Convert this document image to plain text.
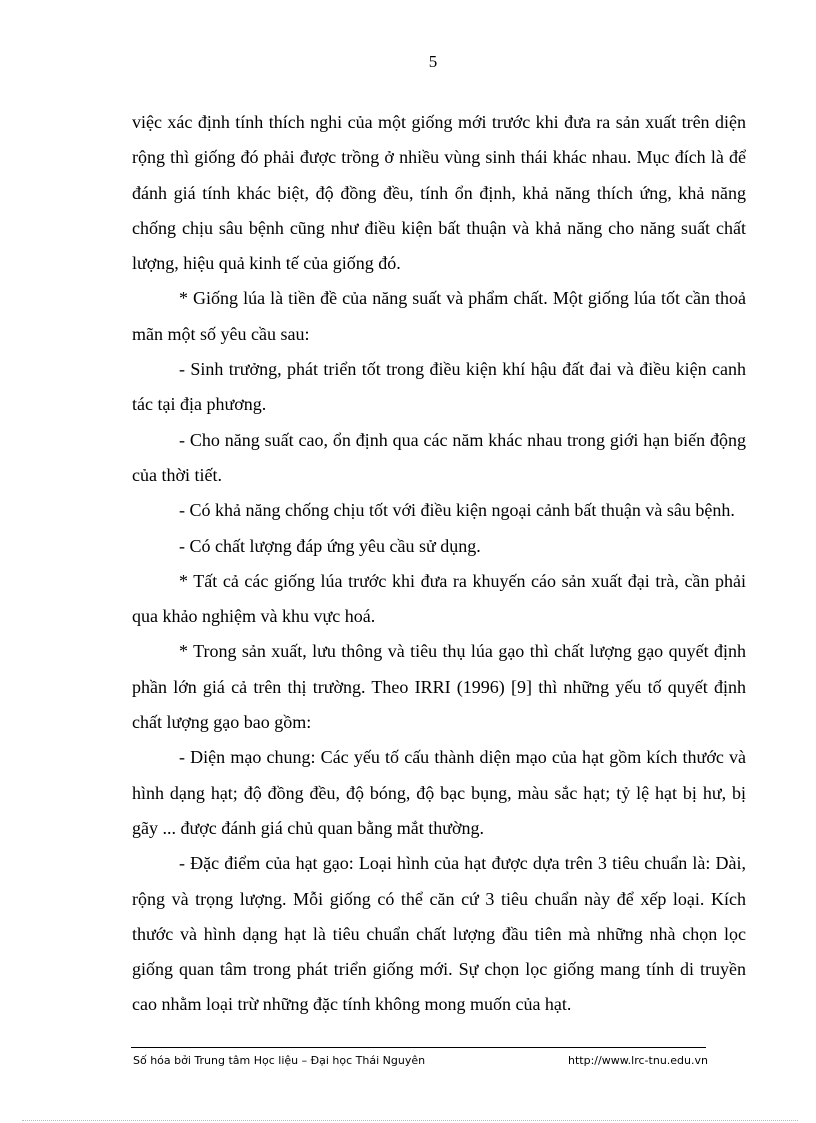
5

việc xác định tính thích nghi của một giống mới trước khi đưa ra sản xuất trên diện rộng thì giống đó phải được trồng ở nhiều vùng sinh thái khác nhau. Mục đích là để đánh giá tính khác biệt, độ đồng đều, tính ổn định, khả năng thích ứng, khả năng chống chịu sâu bệnh cũng như điều kiện bất thuận và khả năng cho năng suất chất lượng, hiệu quả kinh tế của giống đó.

* Giống lúa là tiền đề của năng suất và phẩm chất. Một giống lúa tốt cần thoả mãn một số yêu cầu sau:

- Sinh trưởng, phát triển tốt trong điều kiện khí hậu đất đai và điều kiện canh tác tại địa phương.

- Cho năng suất cao, ổn định qua các năm khác nhau trong giới hạn biến động của thời tiết.

- Có khả năng chống chịu tốt với điều kiện ngoại cảnh bất thuận và sâu bệnh.

- Có chất lượng đáp ứng yêu cầu sử dụng.

* Tất cả các giống lúa trước khi đưa ra khuyến cáo sản xuất đại trà, cần phải qua khảo nghiệm và khu vực hoá.

* Trong sản xuất, lưu thông và tiêu thụ lúa gạo thì chất lượng gạo quyết định phần lớn giá cả trên thị trường. Theo IRRI (1996) [9] thì những yếu tố quyết định chất lượng gạo bao gồm:

- Diện mạo chung: Các yếu tố cấu thành diện mạo của hạt gồm kích thước và hình dạng hạt; độ đồng đều, độ bóng, độ bạc bụng, màu sắc hạt; tỷ lệ hạt bị hư, bị gãy ... được đánh giá chủ quan bằng mắt thường.

- Đặc điểm của hạt gạo: Loại hình của hạt được dựa trên 3 tiêu chuẩn là: Dài, rộng và trọng lượng. Mỗi giống có thể căn cứ 3 tiêu chuẩn này để xếp loại. Kích thước và hình dạng hạt là tiêu chuẩn chất lượng đầu tiên mà những nhà chọn lọc giống quan tâm trong phát triển giống mới. Sự chọn lọc giống mang tính di truyền cao nhằm loại trừ những đặc tính không mong muốn của hạt.

Số hóa bởi Trung tâm Học liệu – Đại học Thái Nguyên	http://www.lrc-tnu.edu.vn
